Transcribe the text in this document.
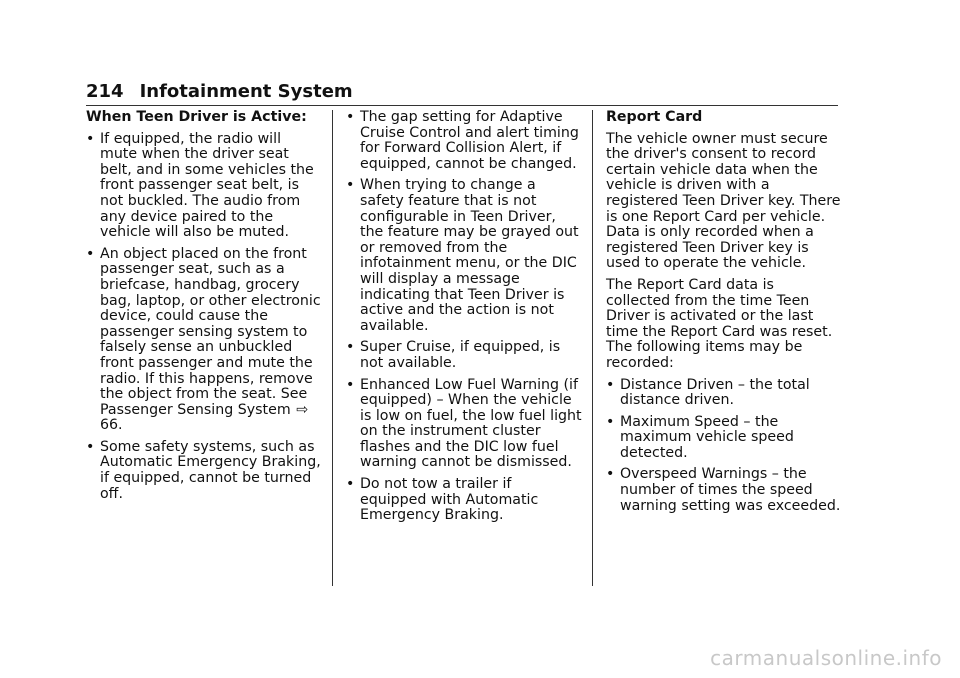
214 Infotainment System
When Teen Driver is Active:
• If equipped, the radio will mute when the driver seat belt, and in some vehicles the front passenger seat belt, is not buckled. The audio from any device paired to the vehicle will also be muted.
• An object placed on the front passenger seat, such as a briefcase, handbag, grocery bag, laptop, or other electronic device, could cause the passenger sensing system to falsely sense an unbuckled front passenger and mute the radio. If this happens, remove the object from the seat. See Passenger Sensing System ⇨66.
• Some safety systems, such as Automatic Emergency Braking, if equipped, cannot be turned off.
• The gap setting for Adaptive Cruise Control and alert timing for Forward Collision Alert, if equipped, cannot be changed.
• When trying to change a safety feature that is not configurable in Teen Driver, the feature may be grayed out or removed from the infotainment menu, or the DIC will display a message indicating that Teen Driver is active and the action is not available.
• Super Cruise, if equipped, is not available.
• Enhanced Low Fuel Warning (if equipped) – When the vehicle is low on fuel, the low fuel light on the instrument cluster flashes and the DIC low fuel warning cannot be dismissed.
• Do not tow a trailer if equipped with Automatic Emergency Braking.
Report Card
The vehicle owner must secure the driver's consent to record certain vehicle data when the vehicle is driven with a registered Teen Driver key. There is one Report Card per vehicle. Data is only recorded when a registered Teen Driver key is used to operate the vehicle.
The Report Card data is collected from the time Teen Driver is activated or the last time the Report Card was reset. The following items may be recorded:
• Distance Driven – the total distance driven.
• Maximum Speed – the maximum vehicle speed detected.
• Overspeed Warnings – the number of times the speed warning setting was exceeded.
carmanualsonline.info
